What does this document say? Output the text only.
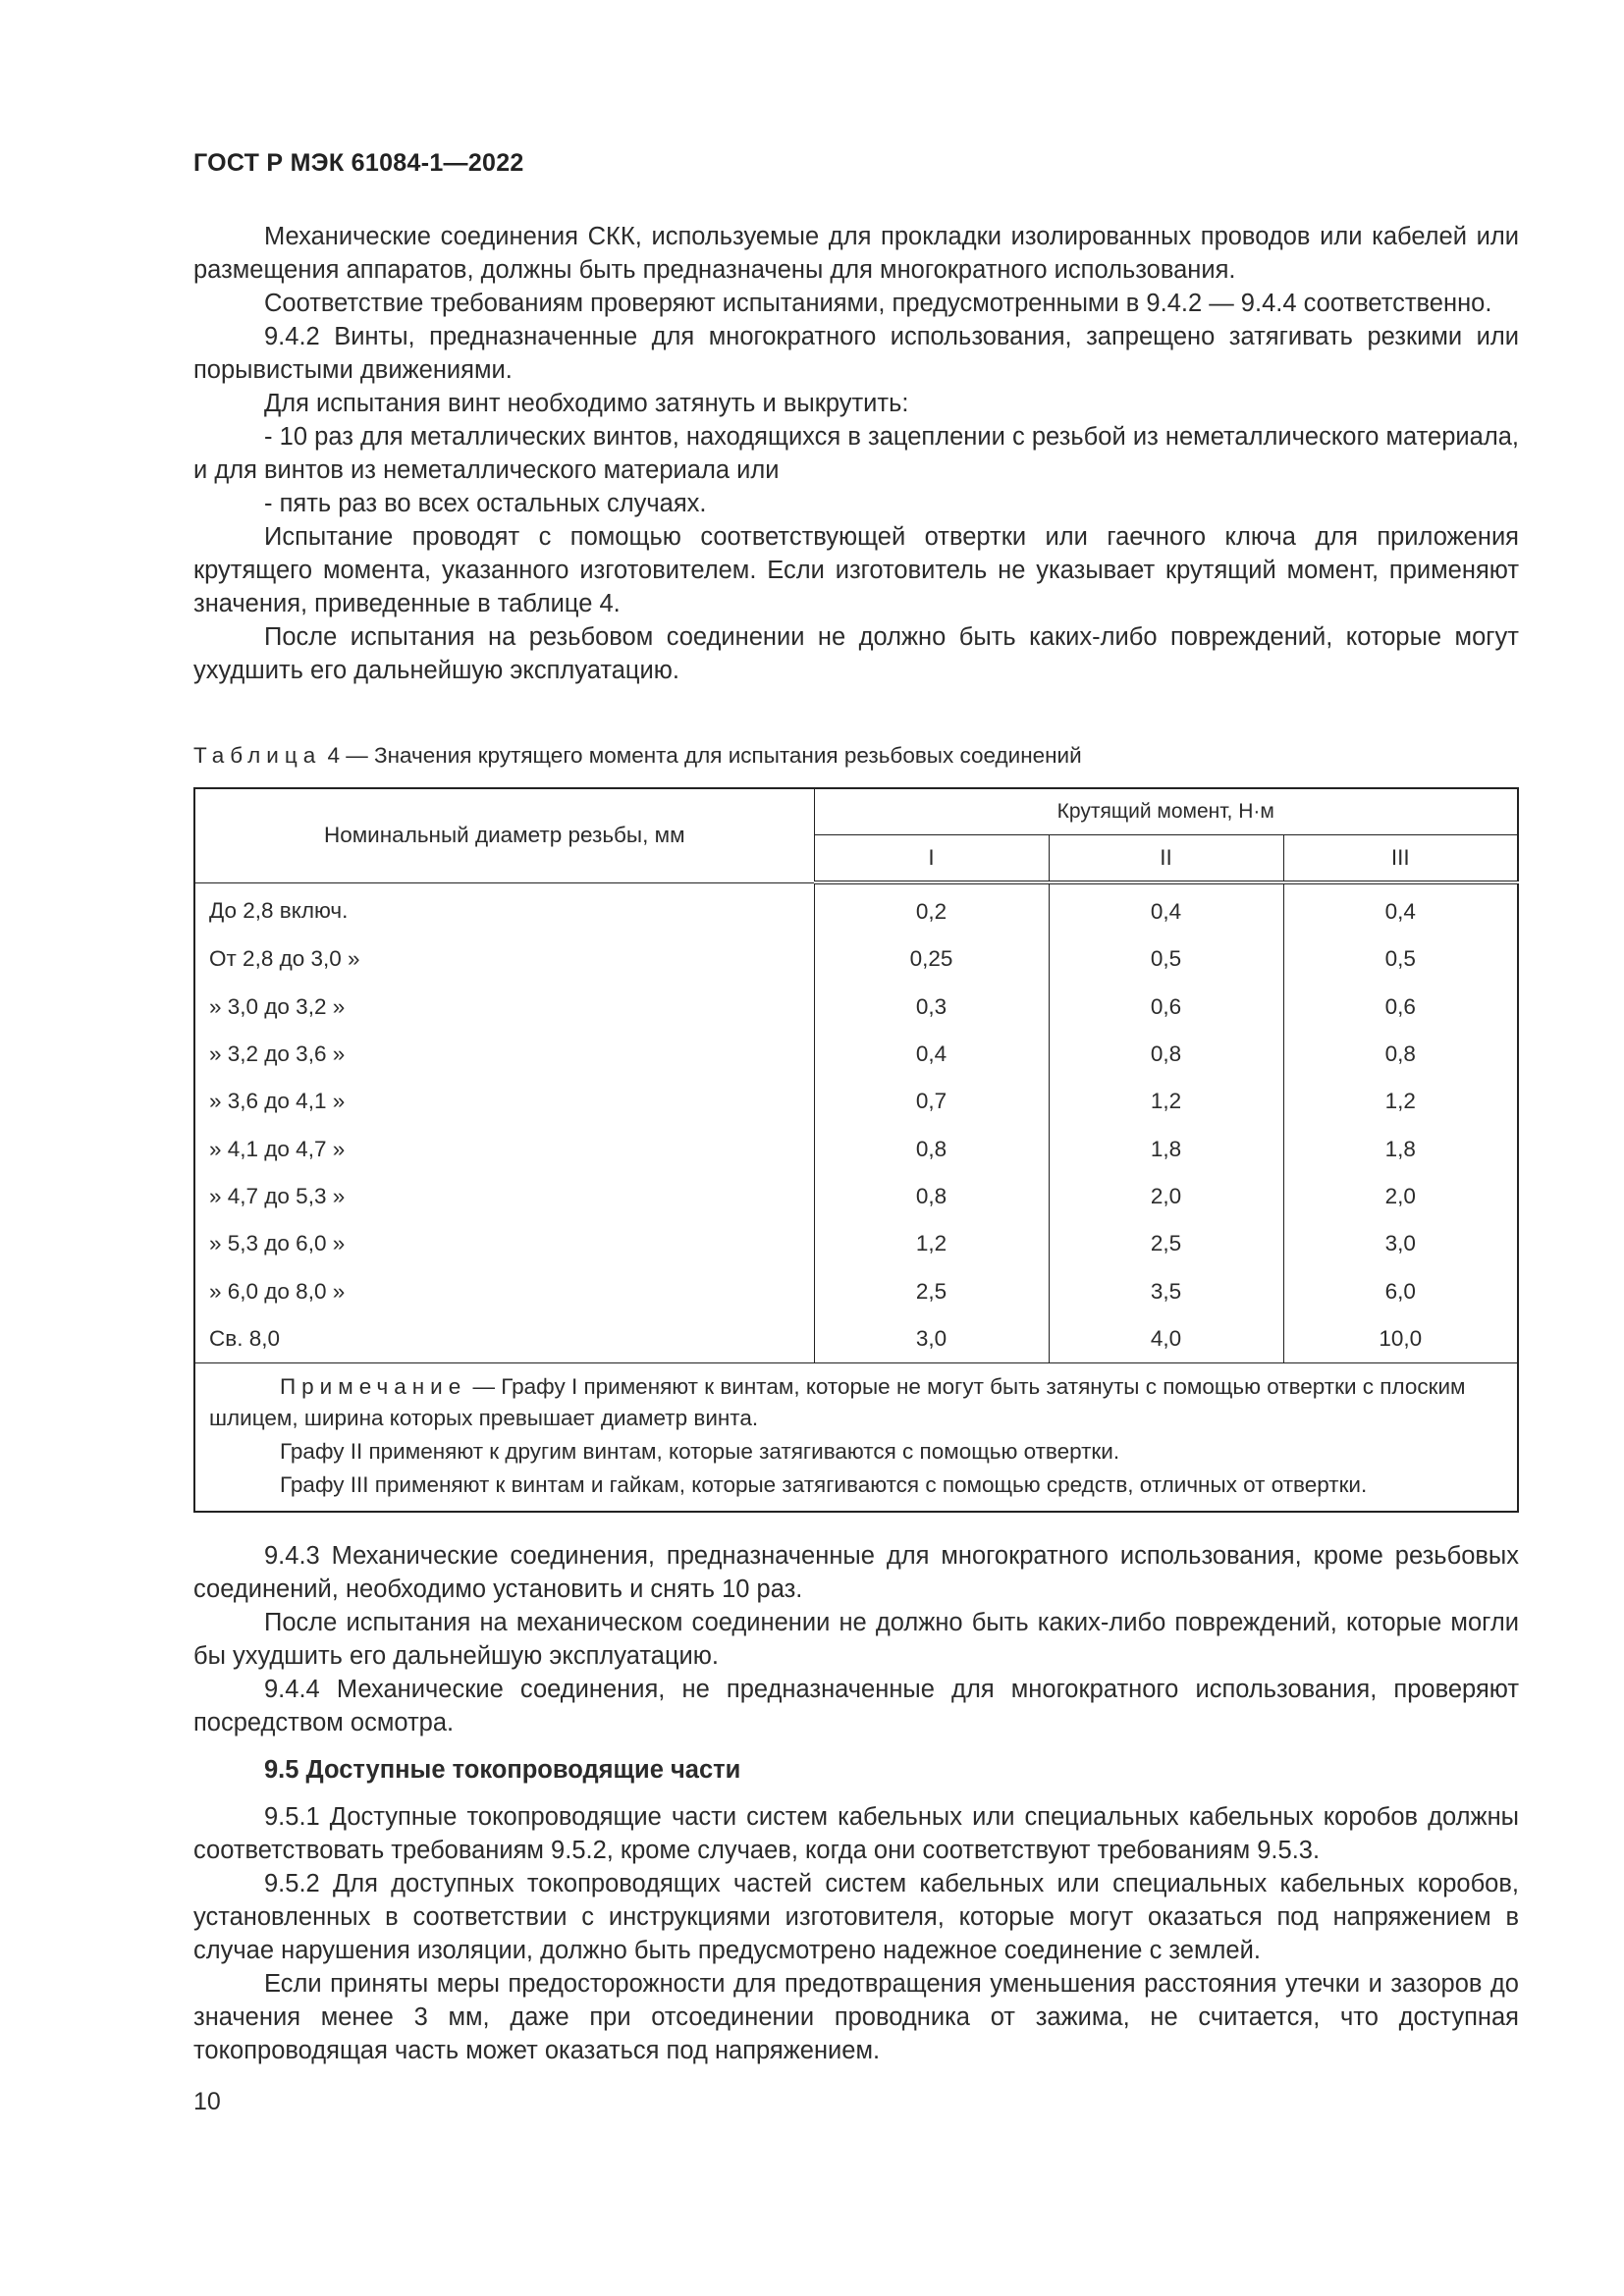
ГОСТ Р МЭК 61084-1—2022

Механические соединения СКК, используемые для прокладки изолированных проводов или кабелей или размещения аппаратов, должны быть предназначены для многократного использования.

Соответствие требованиям проверяют испытаниями, предусмотренными в 9.4.2 — 9.4.4 соответственно.

9.4.2 Винты, предназначенные для многократного использования, запрещено затягивать резкими или порывистыми движениями.

Для испытания винт необходимо затянуть и выкрутить:

- 10 раз для металлических винтов, находящихся в зацеплении с резьбой из неметаллического материала, и для винтов из неметаллического материала или

- пять раз во всех остальных случаях.

Испытание проводят с помощью соответствующей отвертки или гаечного ключа для приложения крутящего момента, указанного изготовителем. Если изготовитель не указывает крутящий момент, применяют значения, приведенные в таблице 4.

После испытания на резьбовом соединении не должно быть каких-либо повреждений, которые могут ухудшить его дальнейшую эксплуатацию.

Таблица 4 — Значения крутящего момента для испытания резьбовых соединений
Номинальный диаметр резьбы, мм	Крутящий момент, Н·м		
	I	II	III
До 2,8 включ.	0,2	0,4	0,4
От 2,8 до 3,0 »	0,25	0,5	0,5
» 3,0 до 3,2 »	0,3	0,6	0,6
» 3,2 до 3,6 »	0,4	0,8	0,8
» 3,6 до 4,1 »	0,7	1,2	1,2
» 4,1 до 4,7 »	0,8	1,8	1,8
» 4,7 до 5,3 »	0,8	2,0	2,0
» 5,3 до 6,0 »	1,2	2,5	3,0
» 6,0 до 8,0 »	2,5	3,5	6,0
Св. 8,0	3,0	4,0	10,0

Примечание — Графу I применяют к винтам, которые не могут быть затянуты с помощью отвертки с плоским шлицем, ширина которых превышает диаметр винта.

Графу II применяют к другим винтам, которые затягиваются с помощью отвертки.

Графу III применяют к винтам и гайкам, которые затягиваются с помощью средств, отличных от отвертки.			

9.4.3 Механические соединения, предназначенные для многократного использования, кроме резьбовых соединений, необходимо установить и снять 10 раз.

После испытания на механическом соединении не должно быть каких-либо повреждений, которые могли бы ухудшить его дальнейшую эксплуатацию.

9.4.4 Механические соединения, не предназначенные для многократного использования, проверяют посредством осмотра.

9.5 Доступные токопроводящие части

9.5.1 Доступные токопроводящие части систем кабельных или специальных кабельных коробов должны соответствовать требованиям 9.5.2, кроме случаев, когда они соответствуют требованиям 9.5.3.

9.5.2 Для доступных токопроводящих частей систем кабельных или специальных кабельных коробов, установленных в соответствии с инструкциями изготовителя, которые могут оказаться под напряжением в случае нарушения изоляции, должно быть предусмотрено надежное соединение с землей.

Если приняты меры предосторожности для предотвращения уменьшения расстояния утечки и зазоров до значения менее 3 мм, даже при отсоединении проводника от зажима, не считается, что доступная токопроводящая часть может оказаться под напряжением.

10
